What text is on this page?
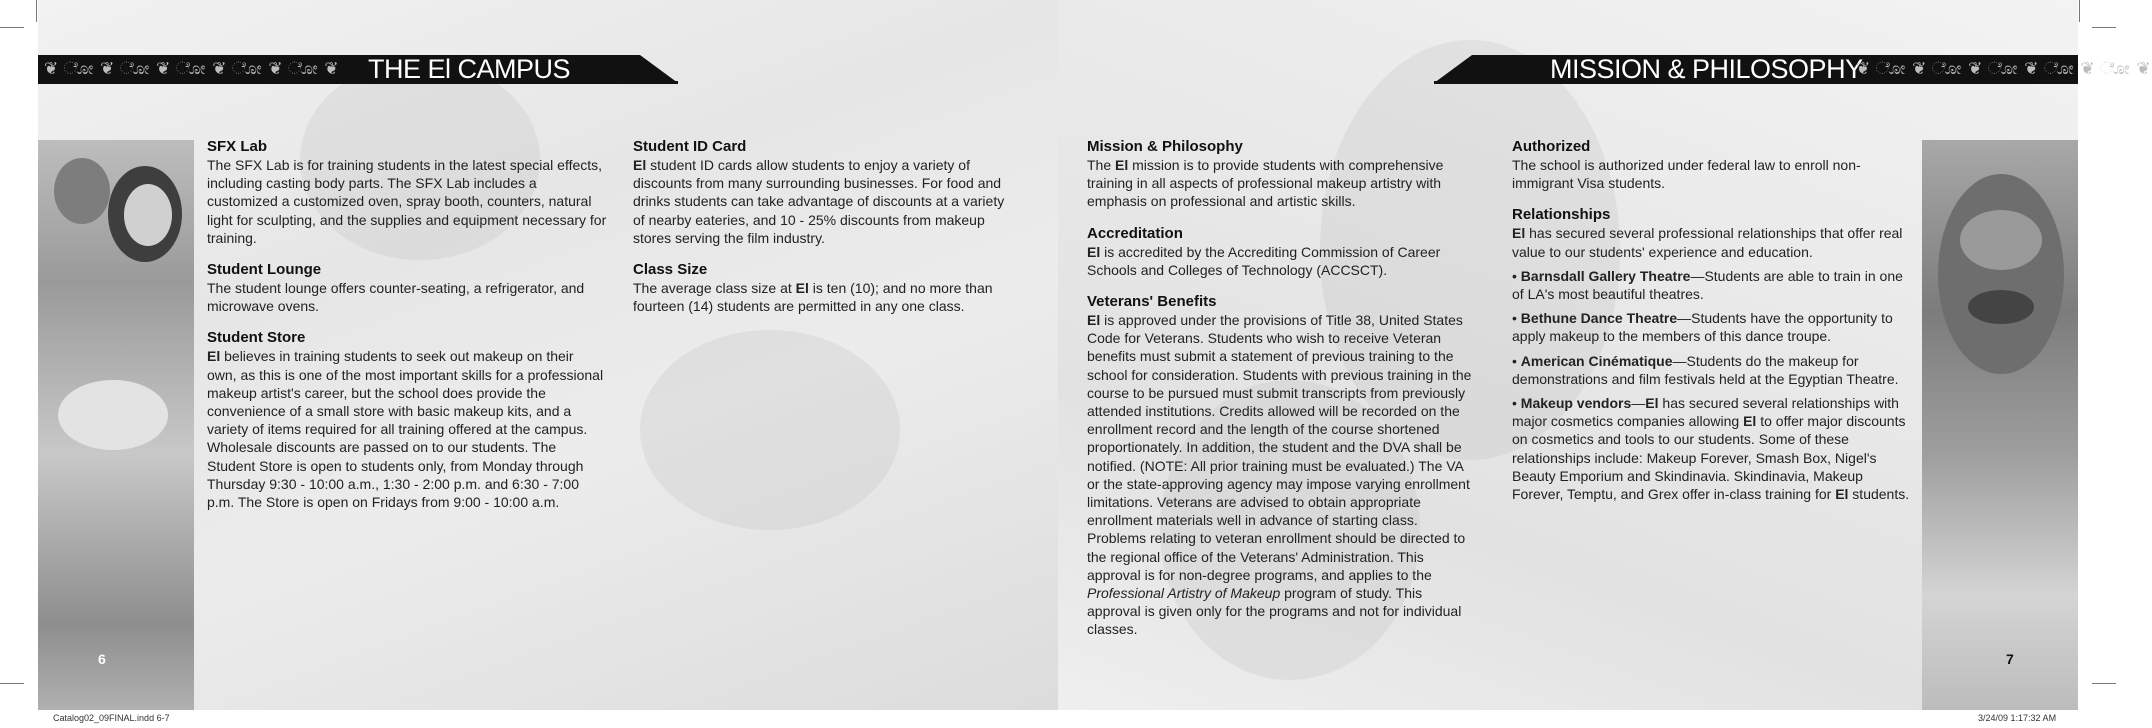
❦ ೋ ❦ ೋ ❦ ೋ ❦ ೋ ❦ ೋ ❦ THE El CAMPUS	MISSION & PHILOSOPHY
❦ ೋ ❦ ೋ ❦ ೋ ❦ ೋ ❦ ೋ ❦
SFX Lab

The SFX Lab is for training students in the latest special effects, including casting body parts. The SFX Lab includes a customized a customized oven, spray booth, counters, natural light for sculpting, and the supplies and equipment necessary for training.

Student Lounge

The student lounge offers counter-seating, a refrigerator, and microwave ovens.

Student Store

El believes in training students to seek out makeup on their own, as this is one of the most important skills for a professional makeup artist's career, but the school does provide the convenience of a small store with basic makeup kits, and a variety of items required for all training offered at the campus. Wholesale discounts are passed on to our students. The Student Store is open to students only, from Monday through Thursday 9:30 - 10:00 a.m., 1:30 - 2:00 p.m. and 6:30 - 7:00 p.m. The Store is open on Fridays from 9:00 - 10:00 a.m.

Student ID Card

El student ID cards allow students to enjoy a variety of discounts from many surrounding businesses. For food and drinks students can take advantage of discounts at a variety of nearby eateries, and 10 - 25% discounts from makeup stores serving the film industry.

Class Size

The average class size at El is ten (10); and no more than fourteen (14) students are permitted in any one class.

Mission & Philosophy

The El mission is to provide students with comprehensive training in all aspects of professional makeup artistry with emphasis on professional and artistic skills.

Accreditation

El is accredited by the Accrediting Commission of Career Schools and Colleges of Technology (ACCSCT).

Veterans' Benefits

El is approved under the provisions of Title 38, United States Code for Veterans. Students who wish to receive Veteran benefits must submit a statement of previous training to the school for consideration. Students with previous training in the course to be pursued must submit transcripts from previously attended institutions. Credits allowed will be recorded on the enrollment record and the length of the course shortened proportionately. In addition, the student and the DVA shall be notified. (NOTE: All prior training must be evaluated.) The VA or the state-approving agency may impose varying enrollment limitations. Veterans are advised to obtain appropriate enrollment materials well in advance of starting class. Problems relating to veteran enrollment should be directed to the regional office of the Veterans' Administration. This approval is for non-degree programs, and applies to the Professional Artistry of Makeup program of study. This approval is given only for the programs and not for individual classes.

Authorized

The school is authorized under federal law to enroll non-immigrant Visa students.

Relationships

El has secured several professional relationships that offer real value to our students' experience and education.

• Barnsdall Gallery Theatre—Students are able to train in one of LA's most beautiful theatres.

• Bethune Dance Theatre—Students have the opportunity to apply makeup to the members of this dance troupe.

• American Cinématique—Students do the makeup for demonstrations and film festivals held at the Egyptian Theatre.

• Makeup vendors—El has secured several relationships with major cosmetics companies allowing El to offer major discounts on cosmetics and tools to our students. Some of these relationships include: Makeup Forever, Smash Box, Nigel's Beauty Emporium and Skindinavia. Skindinavia, Makeup Forever, Temptu, and Grex offer in-class training for El students.

6	7
Catalog02_09FINAL.indd 6-7	3/24/09 1:17:32 AM
